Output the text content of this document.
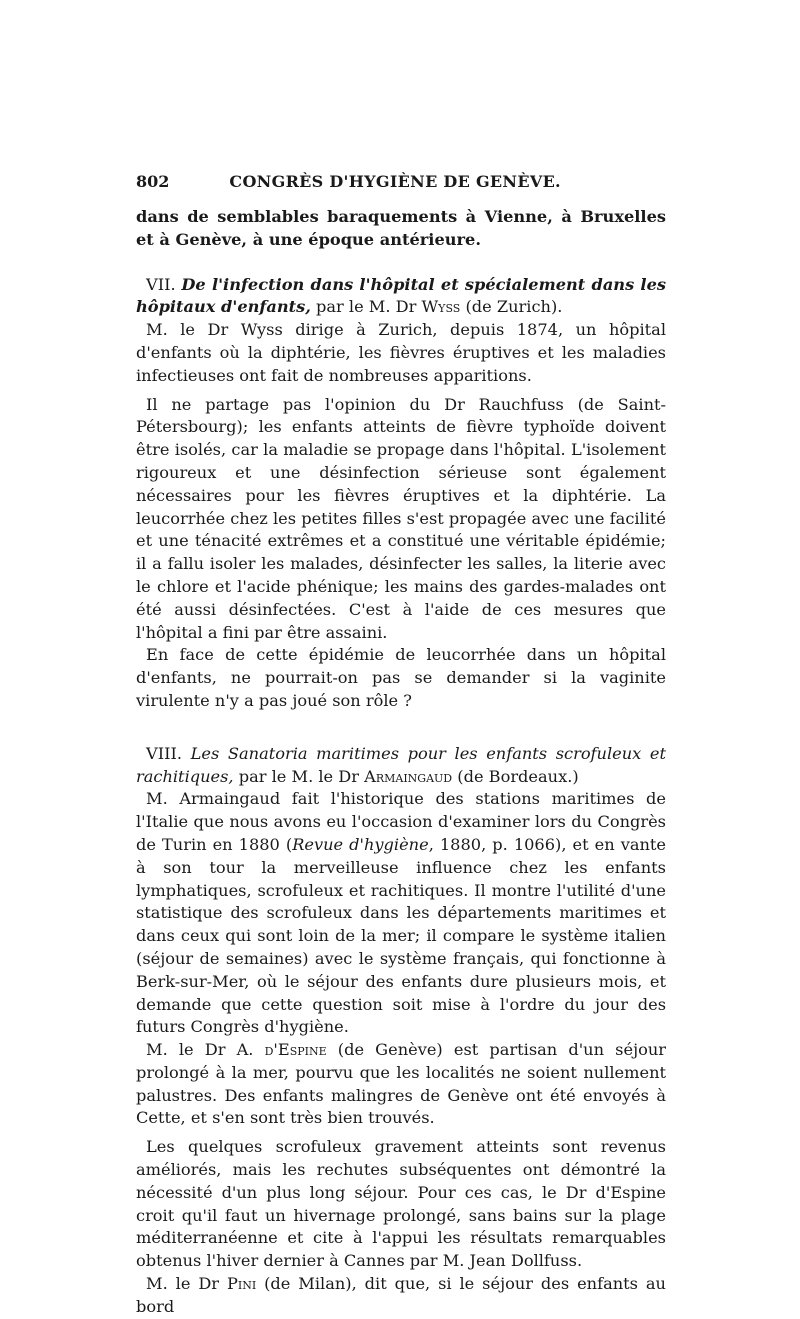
802	CONGRÈS D'HYGIÈNE DE GENÈVE.

dans de semblables baraquements à Vienne, à Bruxelles et à Genève, à une époque antérieure.

VII. De l'infection dans l'hôpital et spécialement dans les hôpitaux d'enfants, par le M. Dr Wyss (de Zurich).

M. le Dr Wyss dirige à Zurich, depuis 1874, un hôpital d'enfants où la diphtérie, les fièvres éruptives et les maladies infectieuses ont fait de nombreuses apparitions.

Il ne partage pas l'opinion du Dr Rauchfuss (de Saint-Pétersbourg); les enfants atteints de fièvre typhoïde doivent être isolés, car la maladie se propage dans l'hôpital. L'isolement rigoureux et une désinfection sérieuse sont également nécessaires pour les fièvres éruptives et la diphtérie. La leucorrhée chez les petites filles s'est propagée avec une facilité et une ténacité extrêmes et a constitué une véritable épidémie; il a fallu isoler les malades, désinfecter les salles, la literie avec le chlore et l'acide phénique; les mains des gardes-malades ont été aussi désinfectées. C'est à l'aide de ces mesures que l'hôpital a fini par être assaini.

En face de cette épidémie de leucorrhée dans un hôpital d'enfants, ne pourrait-on pas se demander si la vaginite virulente n'y a pas joué son rôle ?

VIII. Les Sanatoria maritimes pour les enfants scrofuleux et rachitiques, par le M. le Dr Armaingaud (de Bordeaux.)

M. Armaingaud fait l'historique des stations maritimes de l'Italie que nous avons eu l'occasion d'examiner lors du Congrès de Turin en 1880 (Revue d'hygiène, 1880, p. 1066), et en vante à son tour la merveilleuse influence chez les enfants lymphatiques, scrofuleux et rachitiques. Il montre l'utilité d'une statistique des scrofuleux dans les départements maritimes et dans ceux qui sont loin de la mer; il compare le système italien (séjour de semaines) avec le système français, qui fonctionne à Berk-sur-Mer, où le séjour des enfants dure plusieurs mois, et demande que cette question soit mise à l'ordre du jour des futurs Congrès d'hygiène.

M. le Dr A. d'Espine (de Genève) est partisan d'un séjour prolongé à la mer, pourvu que les localités ne soient nullement palustres. Des enfants malingres de Genève ont été envoyés à Cette, et s'en sont très bien trouvés.

Les quelques scrofuleux gravement atteints sont revenus améliorés, mais les rechutes subséquentes ont démontré la nécessité d'un plus long séjour. Pour ces cas, le Dr d'Espine croit qu'il faut un hivernage prolongé, sans bains sur la plage méditerranéenne et cite à l'appui les résultats remarquables obtenus l'hiver dernier à Cannes par M. Jean Dollfuss.

M. le Dr Pini (de Milan), dit que, si le séjour des enfants au bord
